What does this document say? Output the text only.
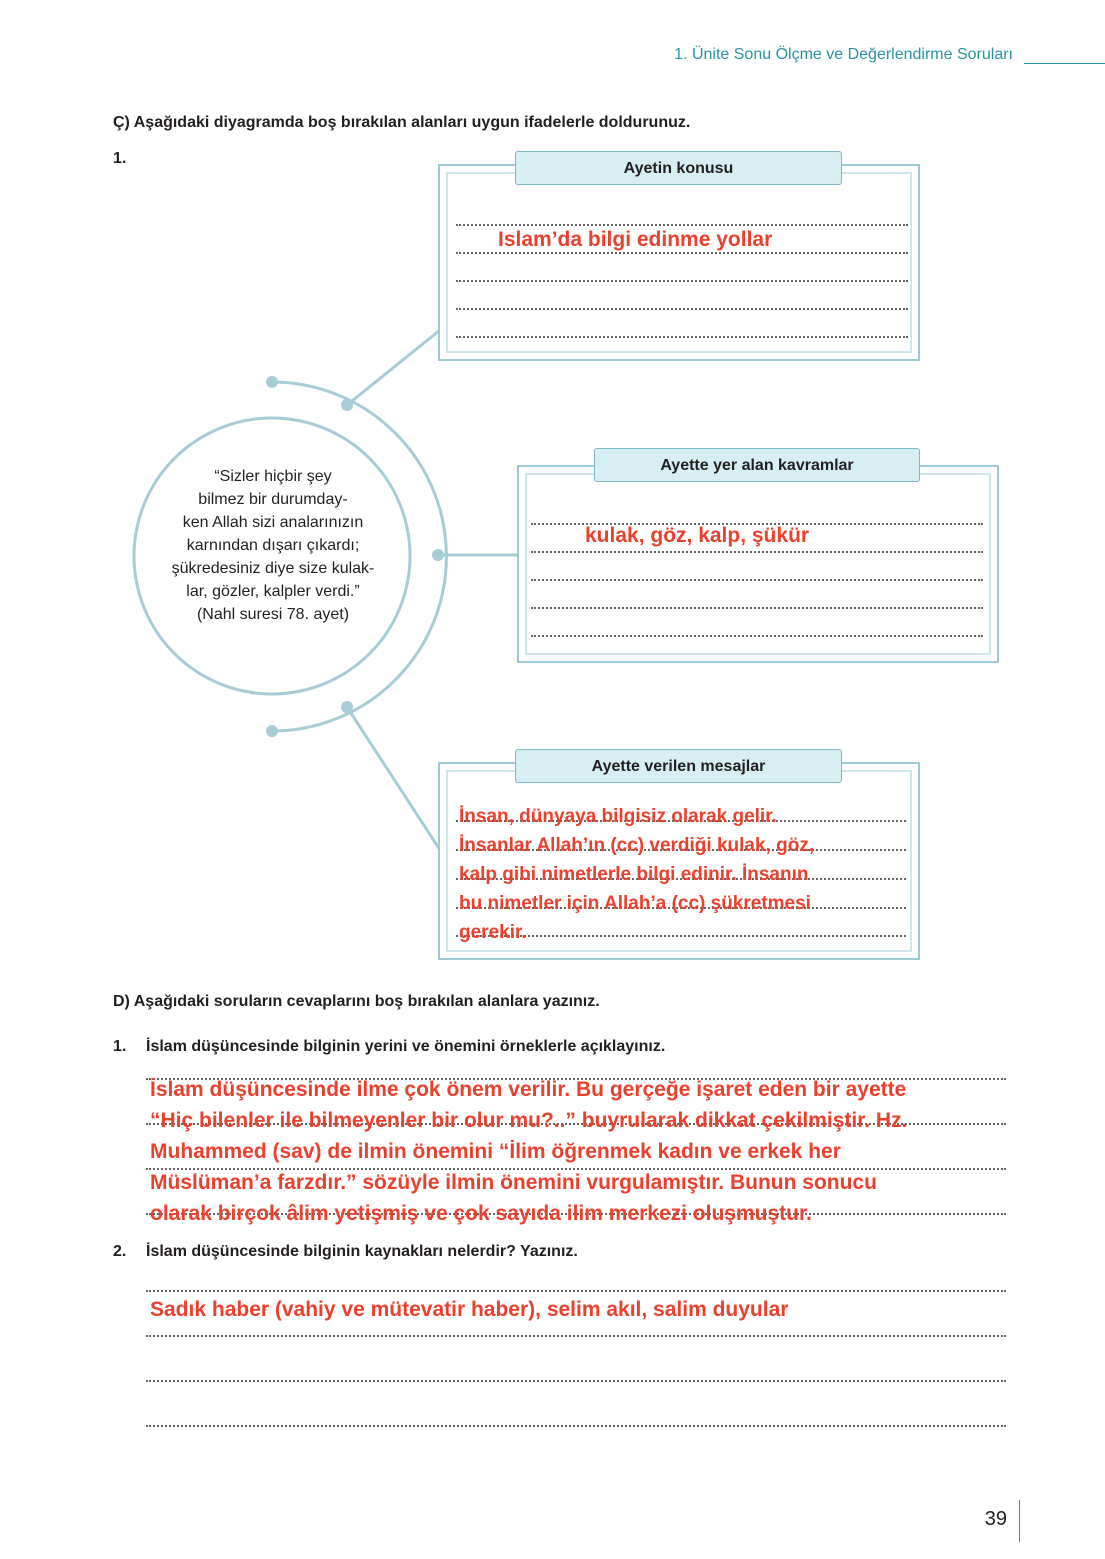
1. Ünite Sonu Ölçme ve Değerlendirme Soruları
Ç) Aşağıdaki diyagramda boş bırakılan alanları uygun ifadelerle doldurunuz.
1.
“Sizler hiçbir şey
bilmez bir durumday-
ken Allah sizi analarınızın
karnından dışarı çıkardı;
şükredesiniz diye size kulak-
lar, gözler, kalpler verdi.”
(Nahl suresi 78. ayet)
Islam’da bilgi edinme yollar
Ayetin konusu
kulak, göz, kalp, şükür
Ayette yer alan kavramlar
İnsan, dünyaya bilgisiz olarak gelir.
İnsanlar Allah’ın (cc) verdiği kulak, göz,
kalp gibi nimetlerle bilgi edinir. İnsanın
bu nimetler için Allah’a (cc) şükretmesi
gerekir.
Ayette verilen mesajlar
D) Aşağıdaki soruların cevaplarını boş bırakılan alanlara yazınız.
1. İslam düşüncesinde bilginin yerini ve önemini örneklerle açıklayınız.
İslam düşüncesinde ilme çok önem verilir. Bu gerçeğe işaret eden bir ayette
“Hiç bilenler ile bilmeyenler bir olur mu?..” buyrularak dikkat çekilmiştir. Hz.
Muhammed (sav) de ilmin önemini “İlim öğrenmek kadın ve erkek her
Müslüman’a farzdır.” sözüyle ilmin önemini vurgulamıştır. Bunun sonucu
olarak birçok âlim yetişmiş ve çok sayıda ilim merkezi oluşmuştur.
2. İslam düşüncesinde bilginin kaynakları nelerdir? Yazınız.
Sadık haber (vahiy ve mütevatir haber), selim akıl, salim duyular
39
